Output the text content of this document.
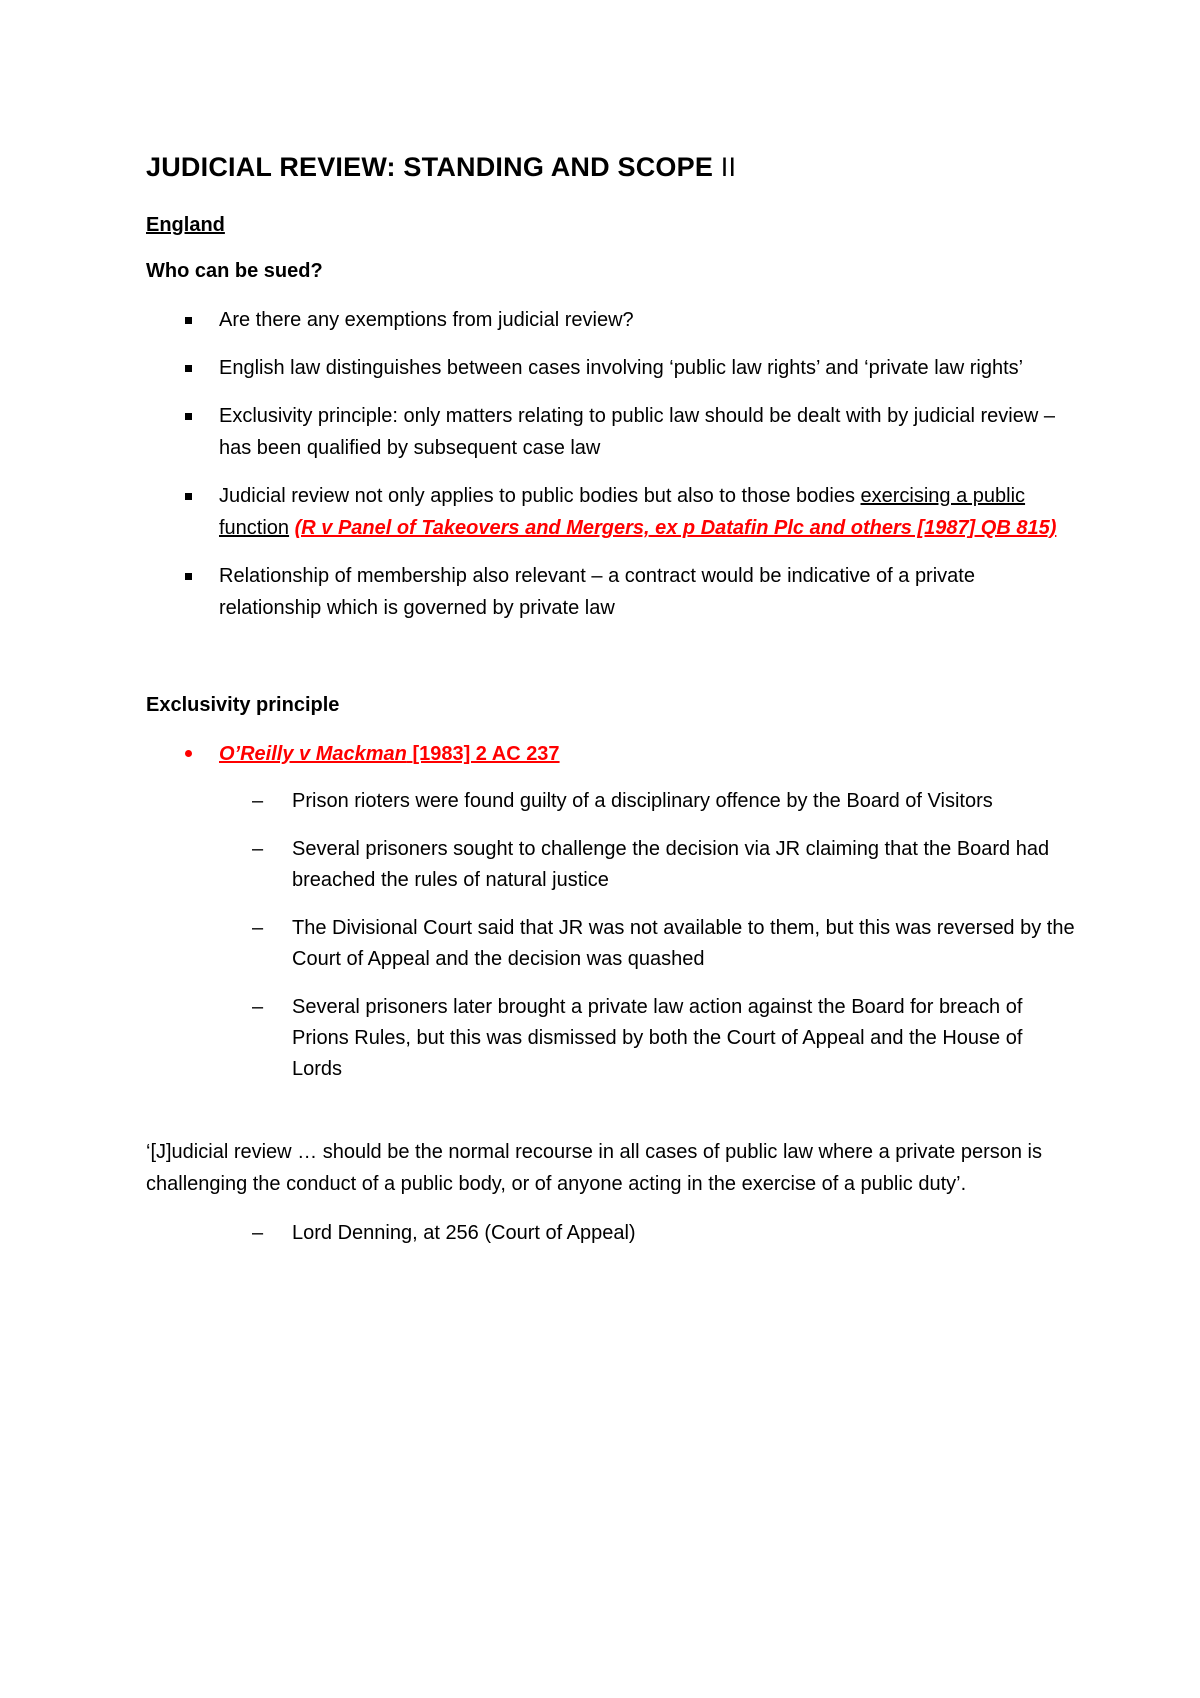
JUDICIAL REVIEW: STANDING AND SCOPE II
England
Who can be sued?
Are there any exemptions from judicial review?
English law distinguishes between cases involving ‘public law rights’ and ‘private law rights’
Exclusivity principle: only matters relating to public law should be dealt with by judicial review – has been qualified by subsequent case law
Judicial review not only applies to public bodies but also to those bodies exercising a public function (R v Panel of Takeovers and Mergers, ex p Datafin Plc and others [1987] QB 815)
Relationship of membership also relevant – a contract would be indicative of a private relationship which is governed by private law
Exclusivity principle
O’Reilly v Mackman [1983] 2 AC 237
– Prison rioters were found guilty of a disciplinary offence by the Board of Visitors
– Several prisoners sought to challenge the decision via JR claiming that the Board had breached the rules of natural justice
– The Divisional Court said that JR was not available to them, but this was reversed by the Court of Appeal and the decision was quashed
– Several prisoners later brought a private law action against the Board for breach of Prions Rules, but this was dismissed by both the Court of Appeal and the House of Lords
‘[J]udicial review … should be the normal recourse in all cases of public law where a private person is challenging the conduct of a public body, or of anyone acting in the exercise of a public duty’.
– Lord Denning, at 256 (Court of Appeal)
